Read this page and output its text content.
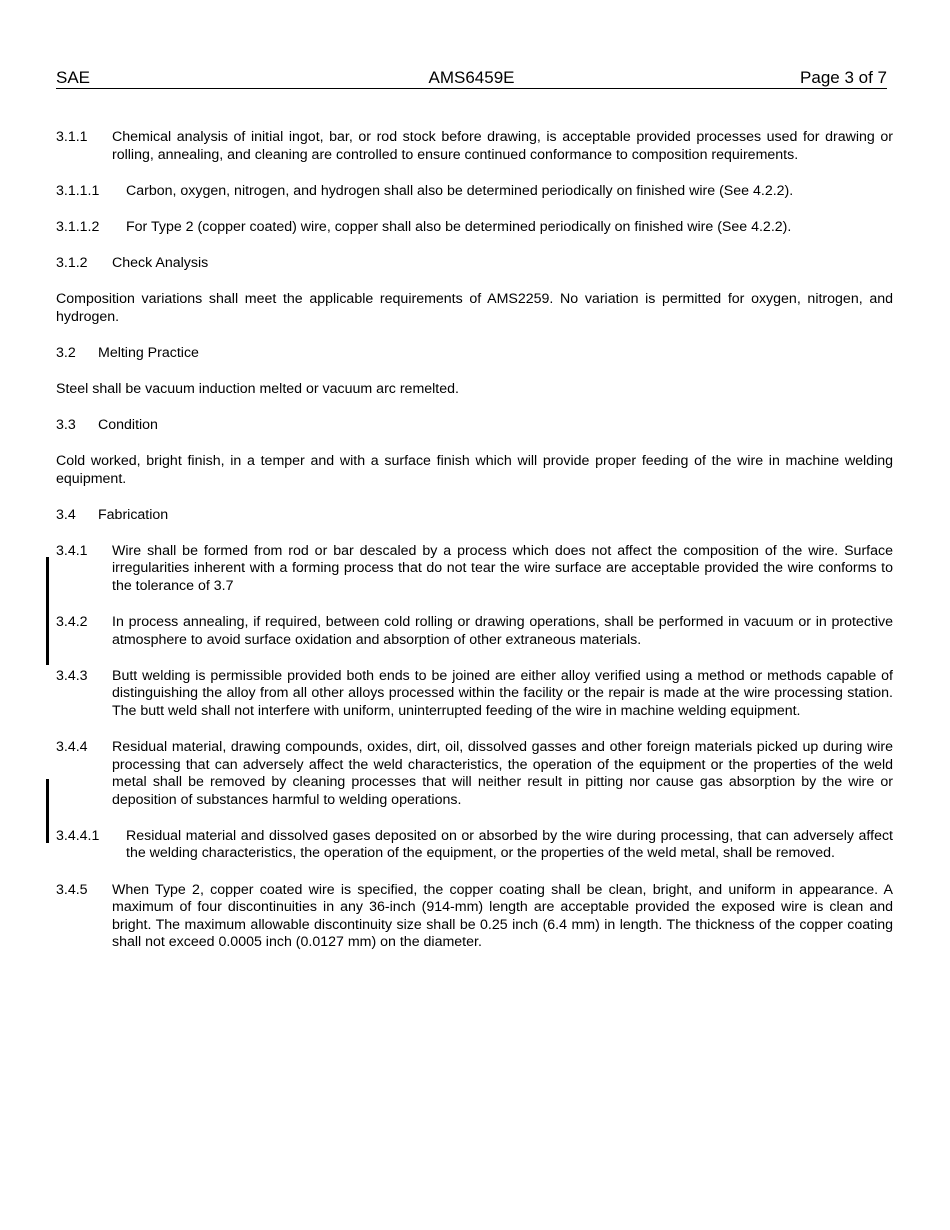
SAE	AMS6459E	Page 3 of 7
3.1.1	Chemical analysis of initial ingot, bar, or rod stock before drawing, is acceptable provided processes used for drawing or rolling, annealing, and cleaning are controlled to ensure continued conformance to composition requirements.
3.1.1.1	Carbon, oxygen, nitrogen, and hydrogen shall also be determined periodically on finished wire (See 4.2.2).
3.1.1.2	For Type 2 (copper coated) wire, copper shall also be determined periodically on finished wire (See 4.2.2).
3.1.2	Check Analysis
Composition variations shall meet the applicable requirements of AMS2259. No variation is permitted for oxygen, nitrogen, and hydrogen.
3.2	Melting Practice
Steel shall be vacuum induction melted or vacuum arc remelted.
3.3	Condition
Cold worked, bright finish, in a temper and with a surface finish which will provide proper feeding of the wire in machine welding equipment.
3.4	Fabrication
3.4.1	Wire shall be formed from rod or bar descaled by a process which does not affect the composition of the wire. Surface irregularities inherent with a forming process that do not tear the wire surface are acceptable provided the wire conforms to the tolerance of 3.7
3.4.2	In process annealing, if required, between cold rolling or drawing operations, shall be performed in vacuum or in protective atmosphere to avoid surface oxidation and absorption of other extraneous materials.
3.4.3	Butt welding is permissible provided both ends to be joined are either alloy verified using a method or methods capable of distinguishing the alloy from all other alloys processed within the facility or the repair is made at the wire processing station. The butt weld shall not interfere with uniform, uninterrupted feeding of the wire in machine welding equipment.
3.4.4	Residual material, drawing compounds, oxides, dirt, oil, dissolved gasses and other foreign materials picked up during wire processing that can adversely affect the weld characteristics, the operation of the equipment or the properties of the weld metal shall be removed by cleaning processes that will neither result in pitting nor cause gas absorption by the wire or deposition of substances harmful to welding operations.
3.4.4.1	Residual material and dissolved gases deposited on or absorbed by the wire during processing, that can adversely affect the welding characteristics, the operation of the equipment, or the properties of the weld metal, shall be removed.
3.4.5	When Type 2, copper coated wire is specified, the copper coating shall be clean, bright, and uniform in appearance. A maximum of four discontinuities in any 36-inch (914-mm) length are acceptable provided the exposed wire is clean and bright. The maximum allowable discontinuity size shall be 0.25 inch (6.4 mm) in length. The thickness of the copper coating shall not exceed 0.0005 inch (0.0127 mm) on the diameter.
